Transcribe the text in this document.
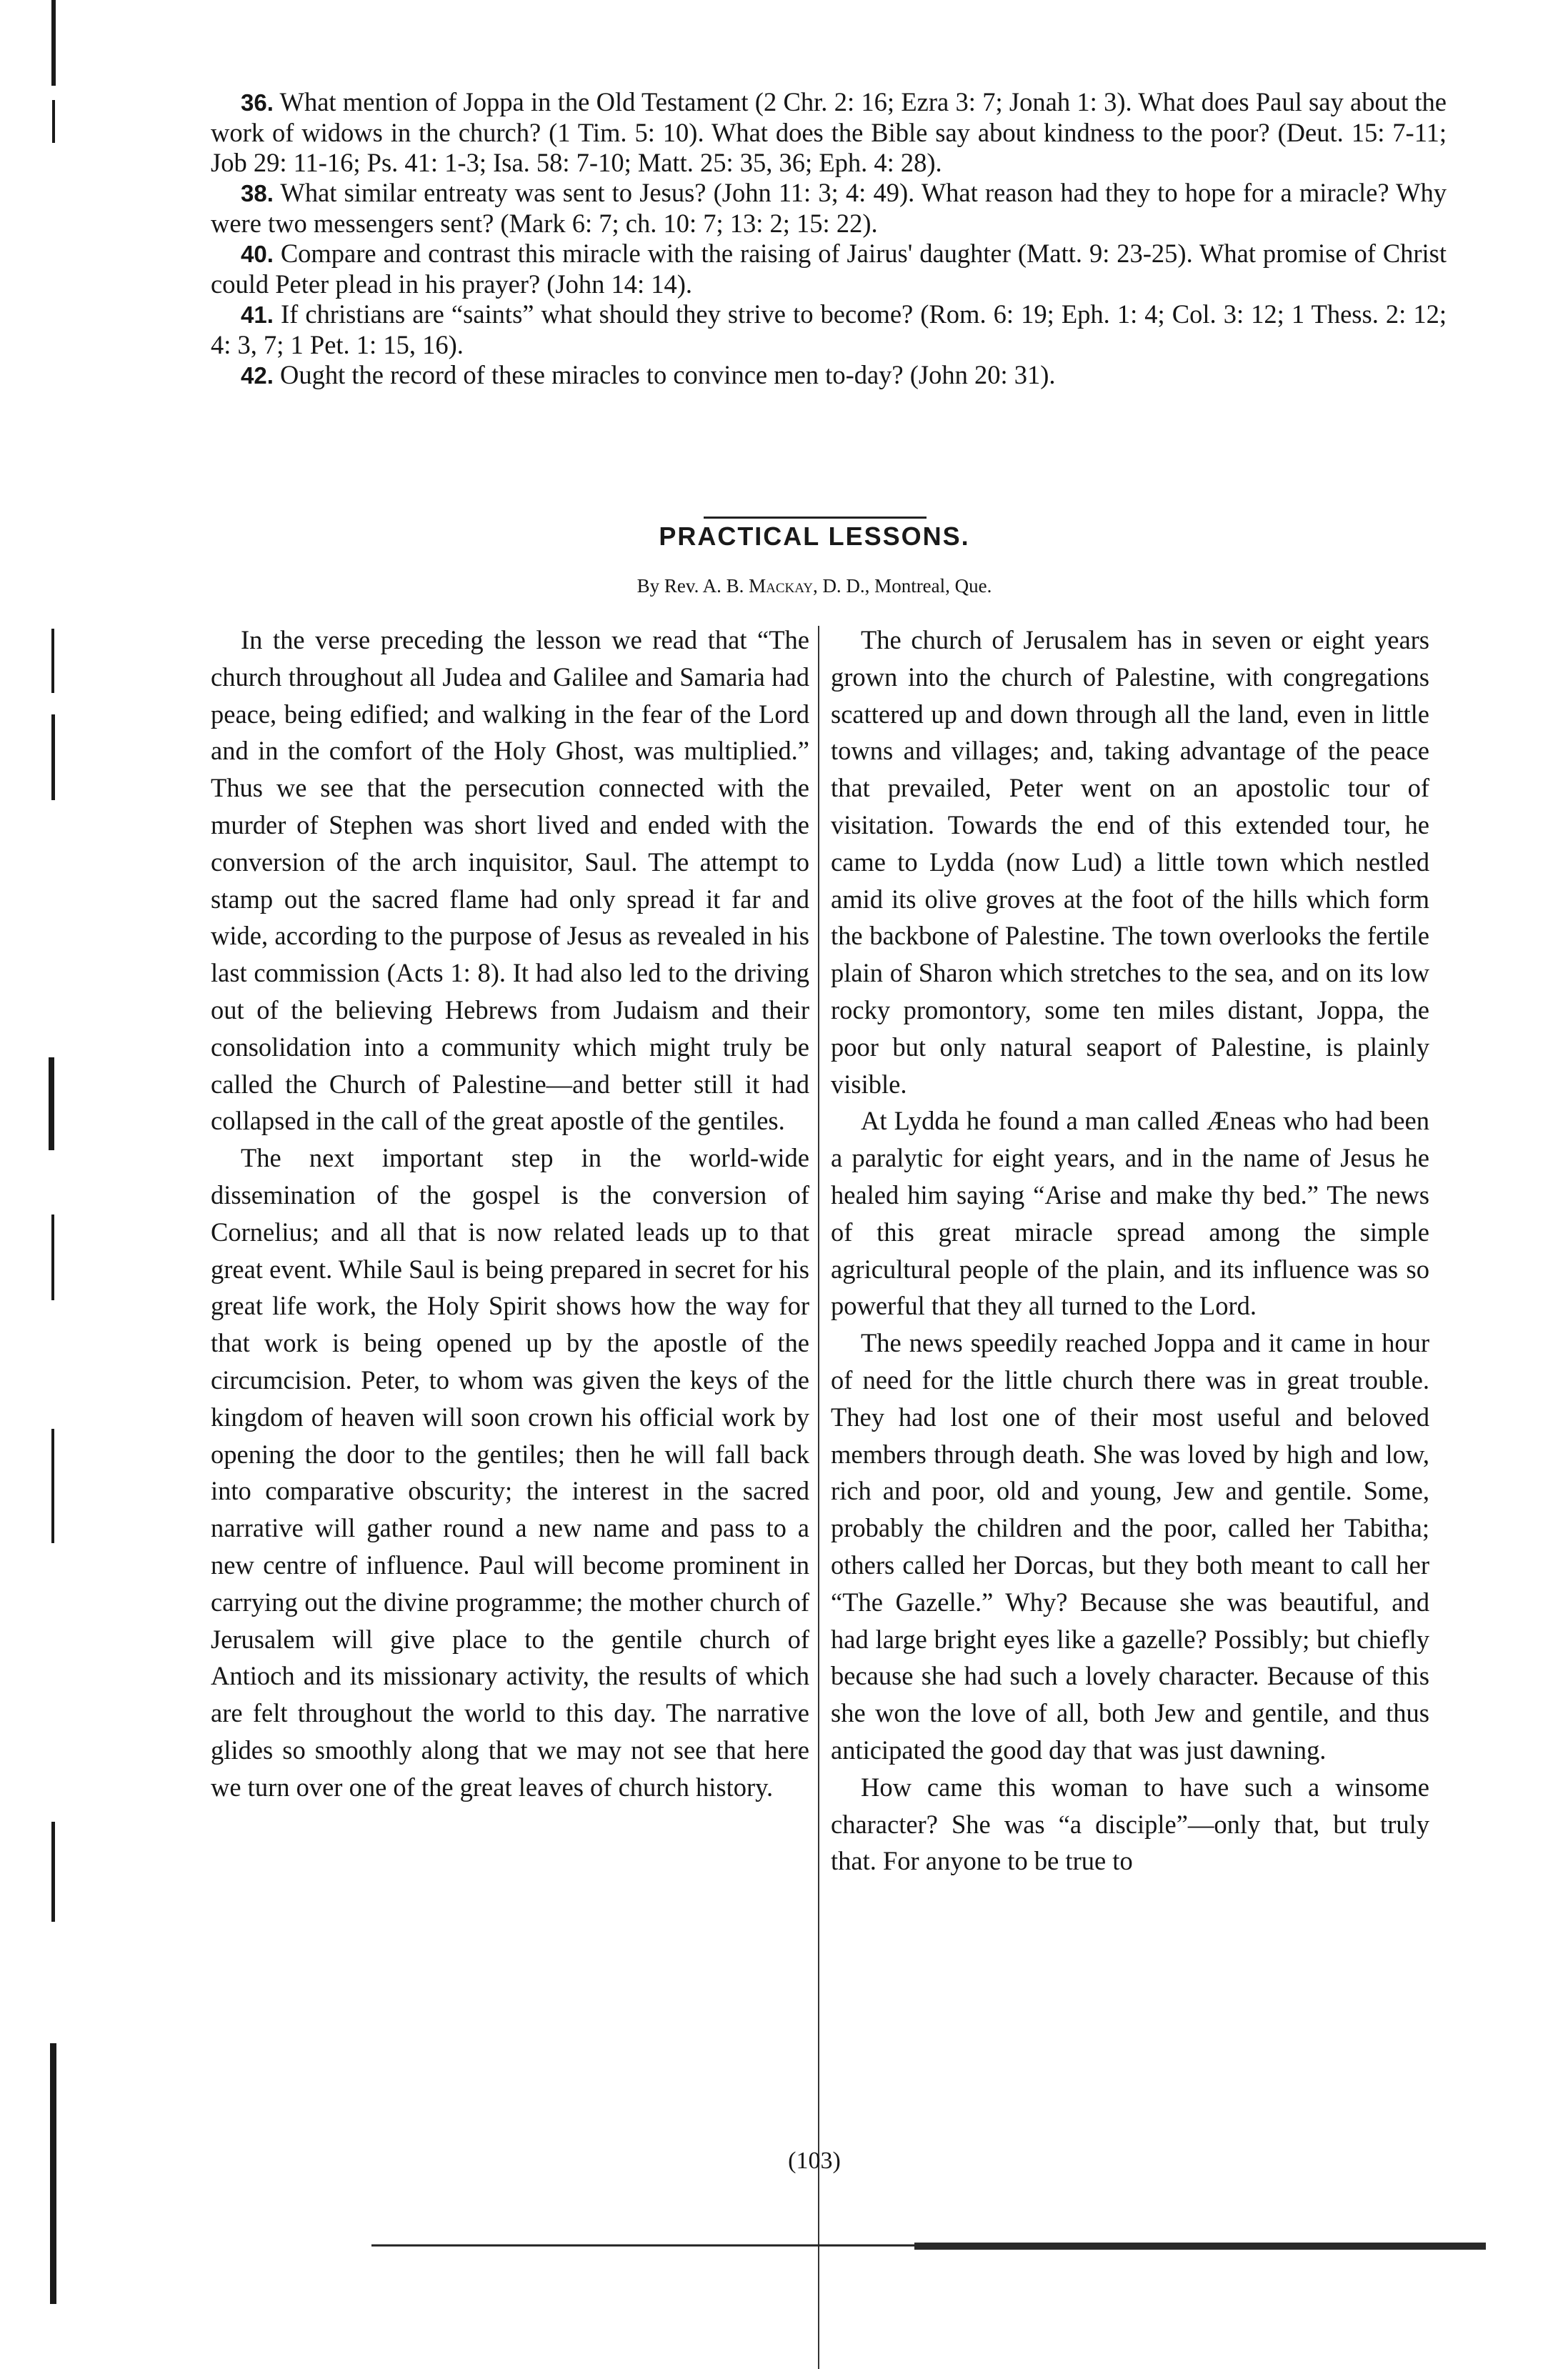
36. What mention of Joppa in the Old Testament (2 Chr. 2: 16; Ezra 3: 7; Jonah 1: 3). What does Paul say about the work of widows in the church? (1 Tim. 5: 10). What does the Bible say about kindness to the poor? (Deut. 15: 7-11; Job 29: 11-16; Ps. 41: 1-3; Isa. 58: 7-10; Matt. 25: 35, 36; Eph. 4: 28).

38. What similar entreaty was sent to Jesus? (John 11: 3; 4: 49). What reason had they to hope for a miracle? Why were two messengers sent? (Mark 6: 7; ch. 10: 7; 13: 2; 15: 22).

40. Compare and contrast this miracle with the raising of Jairus' daughter (Matt. 9: 23-25). What promise of Christ could Peter plead in his prayer? (John 14: 14).

41. If christians are “saints” what should they strive to become? (Rom. 6: 19; Eph. 1: 4; Col. 3: 12; 1 Thess. 2: 12; 4: 3, 7; 1 Pet. 1: 15, 16).

42. Ought the record of these miracles to convince men to-day? (John 20: 31).

PRACTICAL LESSONS.
By Rev. A. B. Mackay, D. D., Montreal, Que.

In the verse preceding the lesson we read that “The church throughout all Judea and Galilee and Samaria had peace, being edified; and walking in the fear of the Lord and in the comfort of the Holy Ghost, was multiplied.” Thus we see that the persecution connected with the murder of Stephen was short lived and ended with the conversion of the arch inquisitor, Saul. The attempt to stamp out the sacred flame had only spread it far and wide, according to the purpose of Jesus as revealed in his last commission (Acts 1: 8). It had also led to the driving out of the believing Hebrews from Judaism and their consolidation into a community which might truly be called the Church of Palestine—and better still it had collapsed in the call of the great apostle of the gentiles.

The next important step in the world-wide dissemination of the gospel is the conversion of Cornelius; and all that is now related leads up to that great event. While Saul is being prepared in secret for his great life work, the Holy Spirit shows how the way for that work is being opened up by the apostle of the circumcision. Peter, to whom was given the keys of the kingdom of heaven will soon crown his official work by opening the door to the gentiles; then he will fall back into comparative obscurity; the interest in the sacred narrative will gather round a new name and pass to a new centre of influence. Paul will become prominent in carrying out the divine programme; the mother church of Jerusalem will give place to the gentile church of Antioch and its missionary activity, the results of which are felt throughout the world to this day. The narrative glides so smoothly along that we may not see that here we turn over one of the great leaves of church history.

The church of Jerusalem has in seven or eight years grown into the church of Palestine, with congregations scattered up and down through all the land, even in little towns and villages; and, taking advantage of the peace that prevailed, Peter went on an apostolic tour of visitation. Towards the end of this extended tour, he came to Lydda (now Lud) a little town which nestled amid its olive groves at the foot of the hills which form the backbone of Palestine. The town overlooks the fertile plain of Sharon which stretches to the sea, and on its low rocky promontory, some ten miles distant, Joppa, the poor but only natural seaport of Palestine, is plainly visible.

At Lydda he found a man called Æneas who had been a paralytic for eight years, and in the name of Jesus he healed him saying “Arise and make thy bed.” The news of this great miracle spread among the simple agricultural people of the plain, and its influence was so powerful that they all turned to the Lord.

The news speedily reached Joppa and it came in hour of need for the little church there was in great trouble. They had lost one of their most useful and beloved members through death. She was loved by high and low, rich and poor, old and young, Jew and gentile. Some, probably the children and the poor, called her Tabitha; others called her Dorcas, but they both meant to call her “The Gazelle.” Why? Because she was beautiful, and had large bright eyes like a gazelle? Possibly; but chiefly because she had such a lovely character. Because of this she won the love of all, both Jew and gentile, and thus anticipated the good day that was just dawning.

How came this woman to have such a winsome character? She was “a disciple”—only that, but truly that. For anyone to be true to

(103)
